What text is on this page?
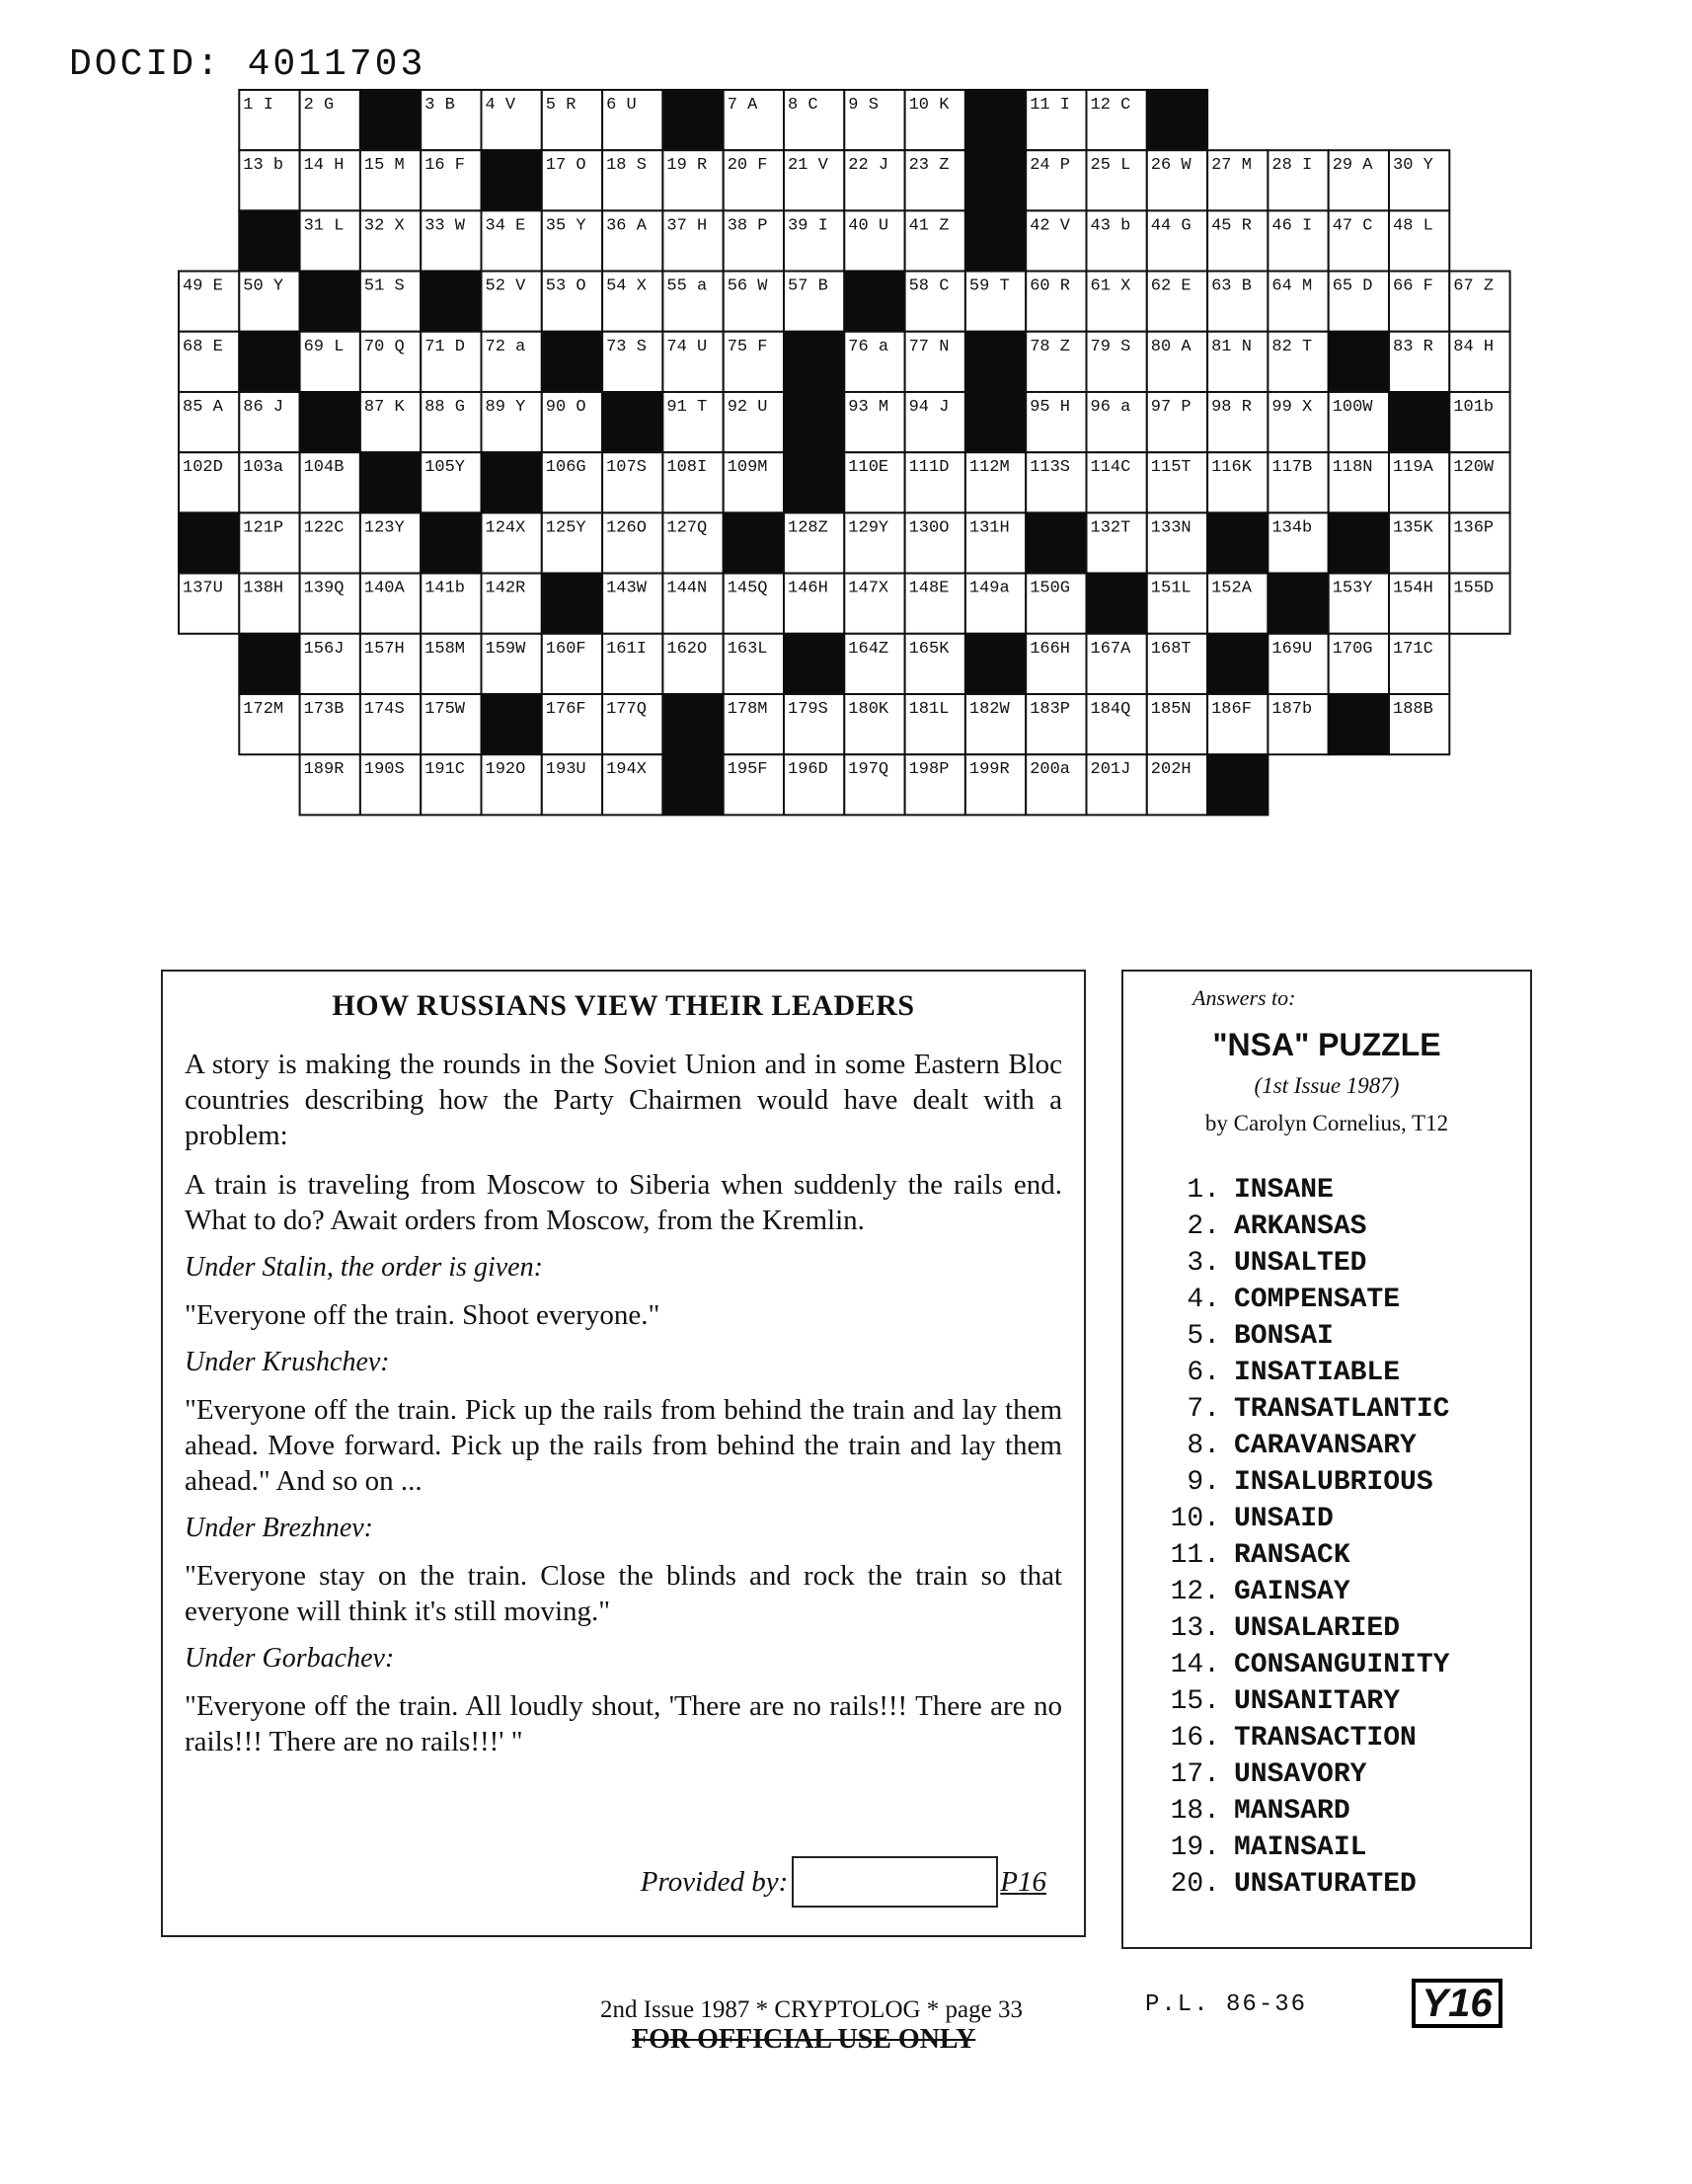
DOCID: 4011703
1 I 2 G	3 B 4 V 5 R 6 U	7 A 8 C 9 S 10 K	11 I 12 C
13 b 14 H 15 M 16 F	17 O 18 S 19 R 20 F 21 V 22 J 23 Z	24 P 25 L 26 W 27 M 28 I 29 A 30 Y
31 L 32 X 33 W 34 E 35 Y 36 A 37 H 38 P 39 I 40 U 41 Z	42 V 43 b 44 G 45 R 46 I 47 C 48 L
49 E 50 Y	51 S	52 V 53 O 54 X 55 a 56 W 57 B	58 C 59 T 60 R 61 X 62 E 63 B 64 M 65 D 66 F 67 Z
68 E	69 L 70 Q 71 D 72 a	73 S 74 U 75 F	76 a 77 N	78 Z 79 S 80 A 81 N 82 T	83 R 84 H
85 A 86 J	87 K 88 G 89 Y 90 O	91 T 92 U	93 M 94 J	95 H 96 a 97 P 98 R 99 X 100W	101b
102D 103a 104B	105Y	106G 107S 108I 109M	110E 111D 112M 113S 114C 115T 116K 117B 118N 119A 120W
121P 122C 123Y	124X 125Y 126O 127Q	128Z 129Y 130O 131H	132T 133N	134b	135K 136P
137U 138H 139Q 140A 141b 142R	143W 144N 145Q 146H 147X 148E 149a 150G	151L 152A	153Y 154H 155D
156J 157H 158M 159W 160F 161I 162O 163L	164Z 165K	166H 167A 168T	169U 170G 171C
172M 173B 174S 175W	176F 177Q	178M 179S 180K 181L 182W 183P 184Q 185N 186F 187b	188B
189R 190S 191C 192O 193U 194X	195F 196D 197Q 198P 199R 200a 201J 202H
HOW RUSSIANS VIEW THEIR LEADERS

A story is making the rounds in the Soviet Union and in some Eastern Bloc countries describing how the Party Chairmen would have dealt with a problem:

A train is traveling from Moscow to Siberia when suddenly the rails end. What to do? Await orders from Moscow, from the Kremlin.

Under Stalin, the order is given:

"Everyone off the train. Shoot everyone."

Under Krushchev:

"Everyone off the train. Pick up the rails from behind the train and lay them ahead. Move forward. Pick up the rails from behind the train and lay them ahead." And so on ...

Under Brezhnev:

"Everyone stay on the train. Close the blinds and rock the train so that everyone will think it's still moving."

Under Gorbachev:

"Everyone off the train. All loudly shout, 'There are no rails!!! There are no rails!!! There are no rails!!!' "

Provided by:	P16
Answers to:
"NSA" PUZZLE
(1st Issue 1987)
by Carolyn Cornelius, T12
1. INSANE
2. ARKANSAS
3. UNSALTED
4. COMPENSATE
5. BONSAI
6. INSATIABLE
7. TRANSATLANTIC
8. CARAVANSARY
9. INSALUBRIOUS
10. UNSAID
11. RANSACK
12. GAINSAY
13. UNSALARIED
14. CONSANGUINITY
15. UNSANITARY
16. TRANSACTION
17. UNSAVORY
18. MANSARD
19. MAINSAIL
20. UNSATURATED
2nd Issue 1987 * CRYPTOLOG * page 33
FOR OFFICIAL USE ONLY
P.L. 86-36	Y16
